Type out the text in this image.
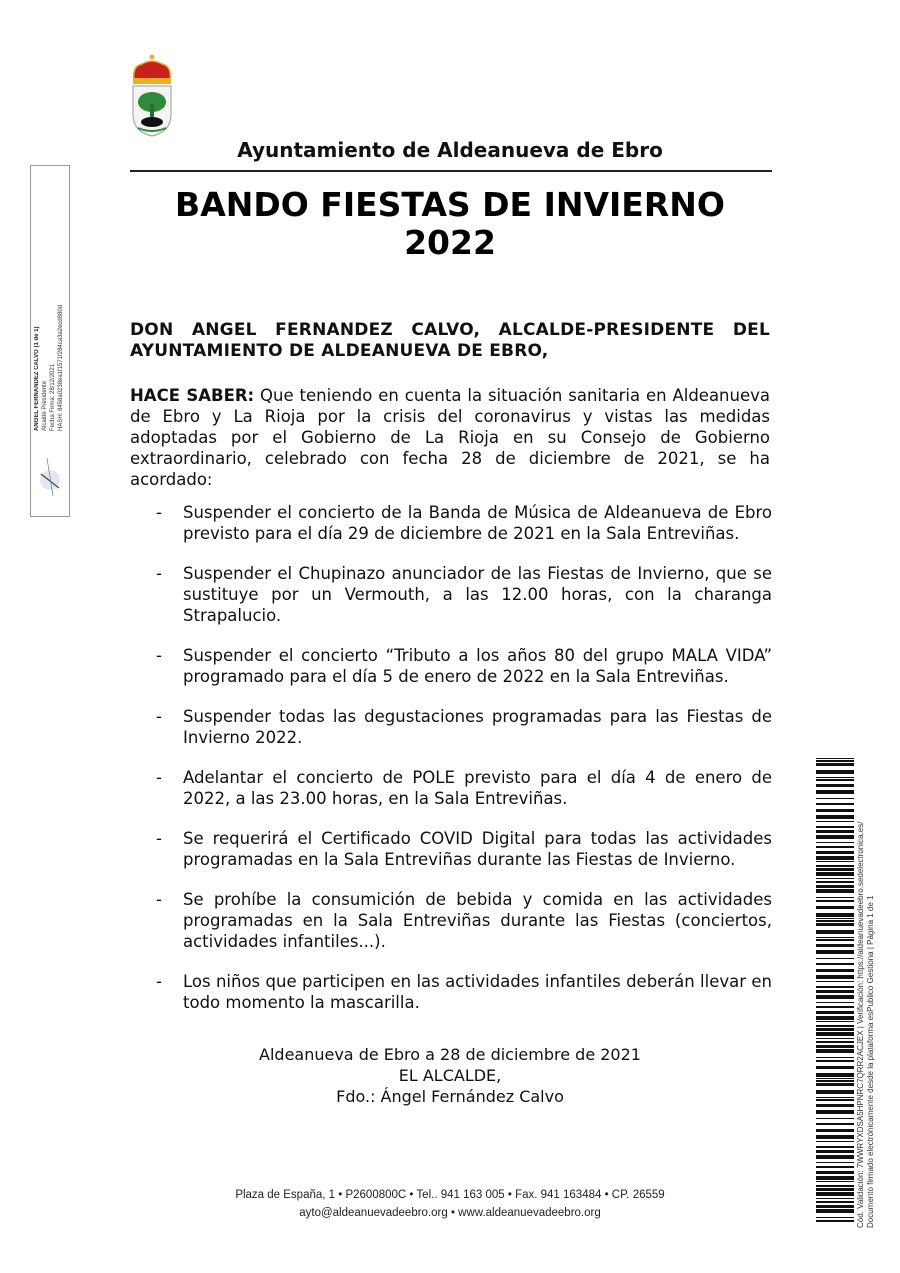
Ayuntamiento de Aldeanueva de Ebro
BANDO FIESTAS DE INVIERNO
2022
DON ANGEL FERNANDEZ CALVO, ALCALDE-PRESIDENTE DEL AYUNTAMIENTO DE ALDEANUEVA DE EBRO,
HACE SABER: Que teniendo en cuenta la situación sanitaria en Aldeanueva de Ebro y La Rioja por la crisis del coronavirus y vistas las medidas adoptadas por el Gobierno de La Rioja en su Consejo de Gobierno extraordinario, celebrado con fecha 28 de diciembre de 2021, se ha acordado:
- Suspender el concierto de la Banda de Música de Aldeanueva de Ebro previsto para el día 29 de diciembre de 2021 en la Sala Entreviñas.
- Suspender el Chupinazo anunciador de las Fiestas de Invierno, que se sustituye por un Vermouth, a las 12.00 horas, con la charanga Strapalucio.
- Suspender el concierto “Tributo a los años 80 del grupo MALA VIDA” programado para el día 5 de enero de 2022 en la Sala Entreviñas.
- Suspender todas las degustaciones programadas para las Fiestas de Invierno 2022.
- Adelantar el concierto de POLE previsto para el día 4 de enero de 2022, a las 23.00 horas, en la Sala Entreviñas.
- Se requerirá el Certificado COVID Digital para todas las actividades programadas en la Sala Entreviñas durante las Fiestas de Invierno.
- Se prohíbe la consumición de bebida y comida en las actividades programadas en la Sala Entreviñas durante las Fiestas (conciertos, actividades infantiles...).
- Los niños que participen en las actividades infantiles deberán llevar en todo momento la mascarilla.
Aldeanueva de Ebro a 28 de diciembre de 2021
EL ALCALDE,
Fdo.: Ángel Fernández Calvo
Plaza de España, 1 • P2600800C • Tel.. 941 163 005 • Fax. 941 163484 • CP. 26559
ayto@aldeanuevadeebro.org • www.aldeanuevadeebro.org
ANGEL FERNANDEZ CALVO (1 de 1) Alcalde Presidente Fecha Firma: 28/12/2021 HASH: 8458a0238ea1f1571f284ca3a2ecd880d
Cód. Validación: 7WWRYXDSA5HPNRC7QRR2ACJEX | Verificación: https://aldeanuevadeebro.sedelectronica.es/ Documento firmado electrónicamente desde la plataforma esPublico Gestiona | Página 1 de 1
